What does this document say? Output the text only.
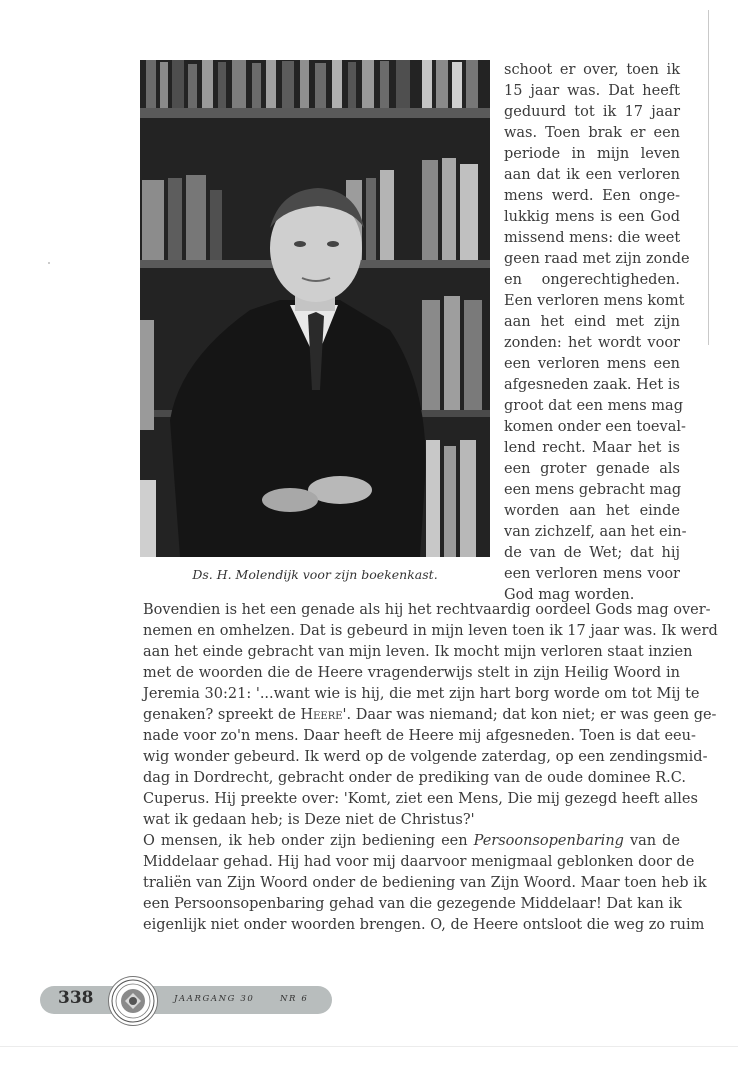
Ds. H. Molendijk voor zijn boekenkast.
schoot er over, toen ik
15 jaar was. Dat heeft
geduurd tot ik 17 jaar
was. Toen brak er een
periode in mijn leven
aan dat ik een verloren
mens werd. Een onge-
lukkig mens is een God
missend mens: die weet
geen raad met zijn zonde
en ongerechtigheden.
Een verloren mens komt
aan het eind met zijn
zonden: het wordt voor
een verloren mens een
afgesneden zaak. Het is
groot dat een mens mag
komen onder een toeval-
lend recht. Maar het is
een groter genade als
een mens gebracht mag
worden aan het einde
van zichzelf, aan het ein-
de van de Wet; dat hij
een verloren mens voor
God mag worden.
Bovendien is het een genade als hij het rechtvaardig oordeel Gods mag over-
nemen en omhelzen. Dat is gebeurd in mijn leven toen ik 17 jaar was. Ik werd
aan het einde gebracht van mijn leven. Ik mocht mijn verloren staat inzien
met de woorden die de Heere vragenderwijs stelt in zijn Heilig Woord in
Jeremia 30:21: '...want wie is hij, die met zijn hart borg worde om tot Mij te
genaken? spreekt de Heere'. Daar was niemand; dat kon niet; er was geen ge-
nade voor zo'n mens. Daar heeft de Heere mij afgesneden. Toen is dat eeu-
wig wonder gebeurd. Ik werd op de volgende zaterdag, op een zendingsmid-
dag in Dordrecht, gebracht onder de prediking van de oude dominee R.C.
Cuperus. Hij preekte over: 'Komt, ziet een Mens, Die mij gezegd heeft alles
wat ik gedaan heb; is Deze niet de Christus?'
O mensen, ik heb onder zijn bediening een Persoonsopenbaring van de
Middelaar gehad. Hij had voor mij daarvoor menigmaal geblonken door de
traliën van Zijn Woord onder de bediening van Zijn Woord. Maar toen heb ik
een Persoonsopenbaring gehad van die gezegende Middelaar! Dat kan ik
eigenlijk niet onder woorden brengen. O, de Heere ontsloot die weg zo ruim
338	JAARGANG 30	NR 6
